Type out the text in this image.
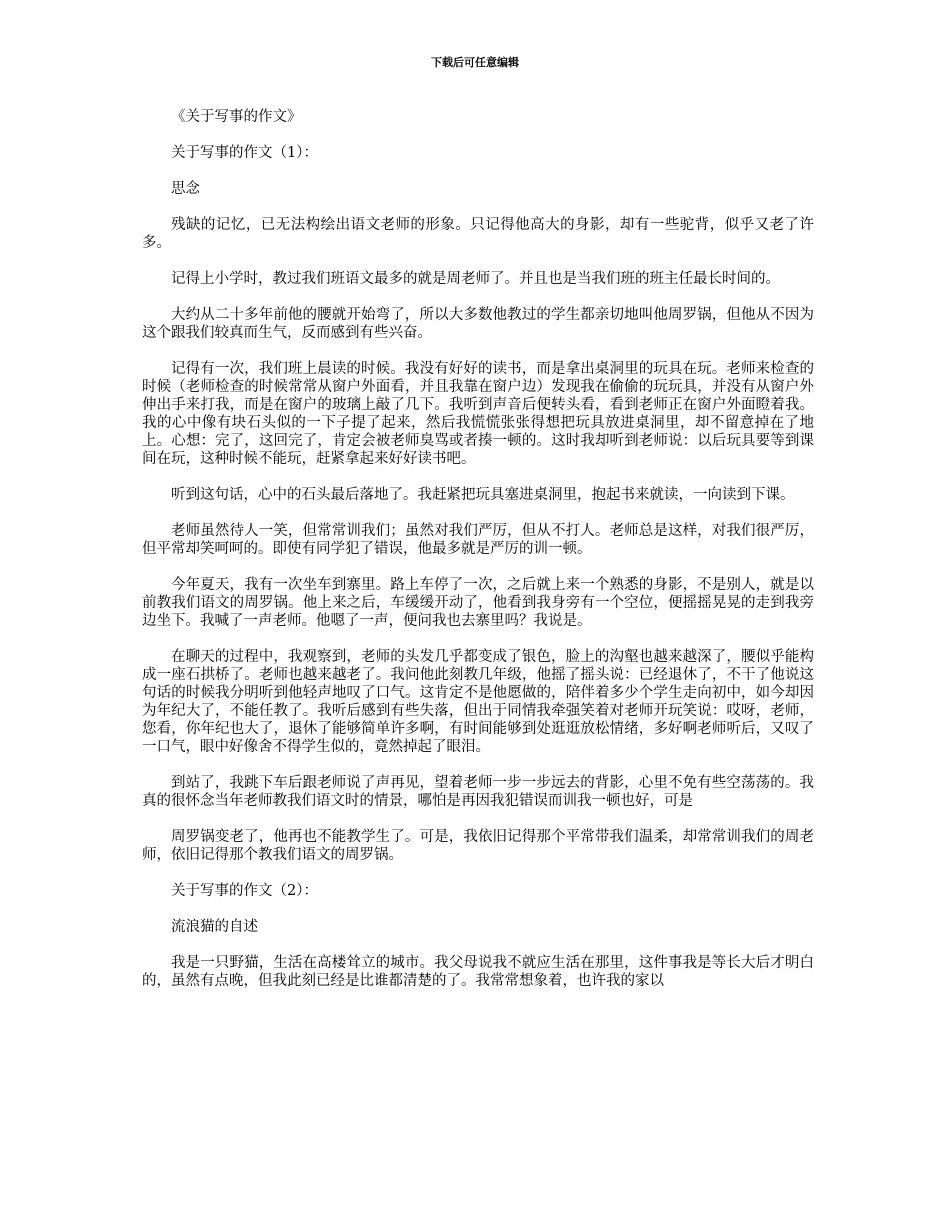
下载后可任意编辑

《关于写事的作文》

关于写事的作文（1）：

思念

残缺的记忆，已无法构绘出语文老师的形象。只记得他高大的身影，却有一些驼背，似乎又老了许多。

记得上小学时，教过我们班语文最多的就是周老师了。并且也是当我们班的班主任最长时间的。

大约从二十多年前他的腰就开始弯了，所以大多数他教过的学生都亲切地叫他周罗锅，但他从不因为这个跟我们较真而生气，反而感到有些兴奋。

记得有一次，我们班上晨读的时候。我没有好好的读书，而是拿出桌洞里的玩具在玩。老师来检查的时候（老师检查的时候常常从窗户外面看，并且我靠在窗户边）发现我在偷偷的玩玩具，并没有从窗户外伸出手来打我，而是在窗户的玻璃上敲了几下。我听到声音后便转头看，看到老师正在窗户外面瞪着我。我的心中像有块石头似的一下子提了起来，然后我慌慌张张得想把玩具放进桌洞里，却不留意掉在了地上。心想：完了，这回完了，肯定会被老师臭骂或者揍一顿的。这时我却听到老师说：以后玩具要等到课间在玩，这种时候不能玩，赶紧拿起来好好读书吧。

听到这句话，心中的石头最后落地了。我赶紧把玩具塞进桌洞里，抱起书来就读，一向读到下课。

老师虽然待人一笑，但常常训我们；虽然对我们严厉，但从不打人。老师总是这样，对我们很严厉，但平常却笑呵呵的。即使有同学犯了错误，他最多就是严厉的训一顿。

今年夏天，我有一次坐车到寨里。路上车停了一次，之后就上来一个熟悉的身影，不是别人，就是以前教我们语文的周罗锅。他上来之后，车缓缓开动了，他看到我身旁有一个空位，便摇摇晃晃的走到我旁边坐下。我喊了一声老师。他嗯了一声，便问我也去寨里吗？我说是。

在聊天的过程中，我观察到，老师的头发几乎都变成了银色，脸上的沟壑也越来越深了，腰似乎能构成一座石拱桥了。老师也越来越老了。我问他此刻教几年级，他摇了摇头说：已经退休了，不干了他说这句话的时候我分明听到他轻声地叹了口气。这肯定不是他愿做的，陪伴着多少个学生走向初中，如今却因为年纪大了，不能任教了。我听后感到有些失落，但出于同情我牵强笑着对老师开玩笑说：哎呀，老师，您看，你年纪也大了，退休了能够简单许多啊，有时间能够到处逛逛放松情绪，多好啊老师听后，又叹了一口气，眼中好像舍不得学生似的，竟然掉起了眼泪。

到站了，我跳下车后跟老师说了声再见，望着老师一步一步远去的背影，心里不免有些空荡荡的。我真的很怀念当年老师教我们语文时的情景，哪怕是再因我犯错误而训我一顿也好，可是

周罗锅变老了，他再也不能教学生了。可是，我依旧记得那个平常带我们温柔，却常常训我们的周老师，依旧记得那个教我们语文的周罗锅。

关于写事的作文（2）：

流浪猫的自述

我是一只野猫，生活在高楼耸立的城市。我父母说我不就应生活在那里，这件事我是等长大后才明白的，虽然有点晚，但我此刻已经是比谁都清楚的了。我常常想象着，也许我的家以
